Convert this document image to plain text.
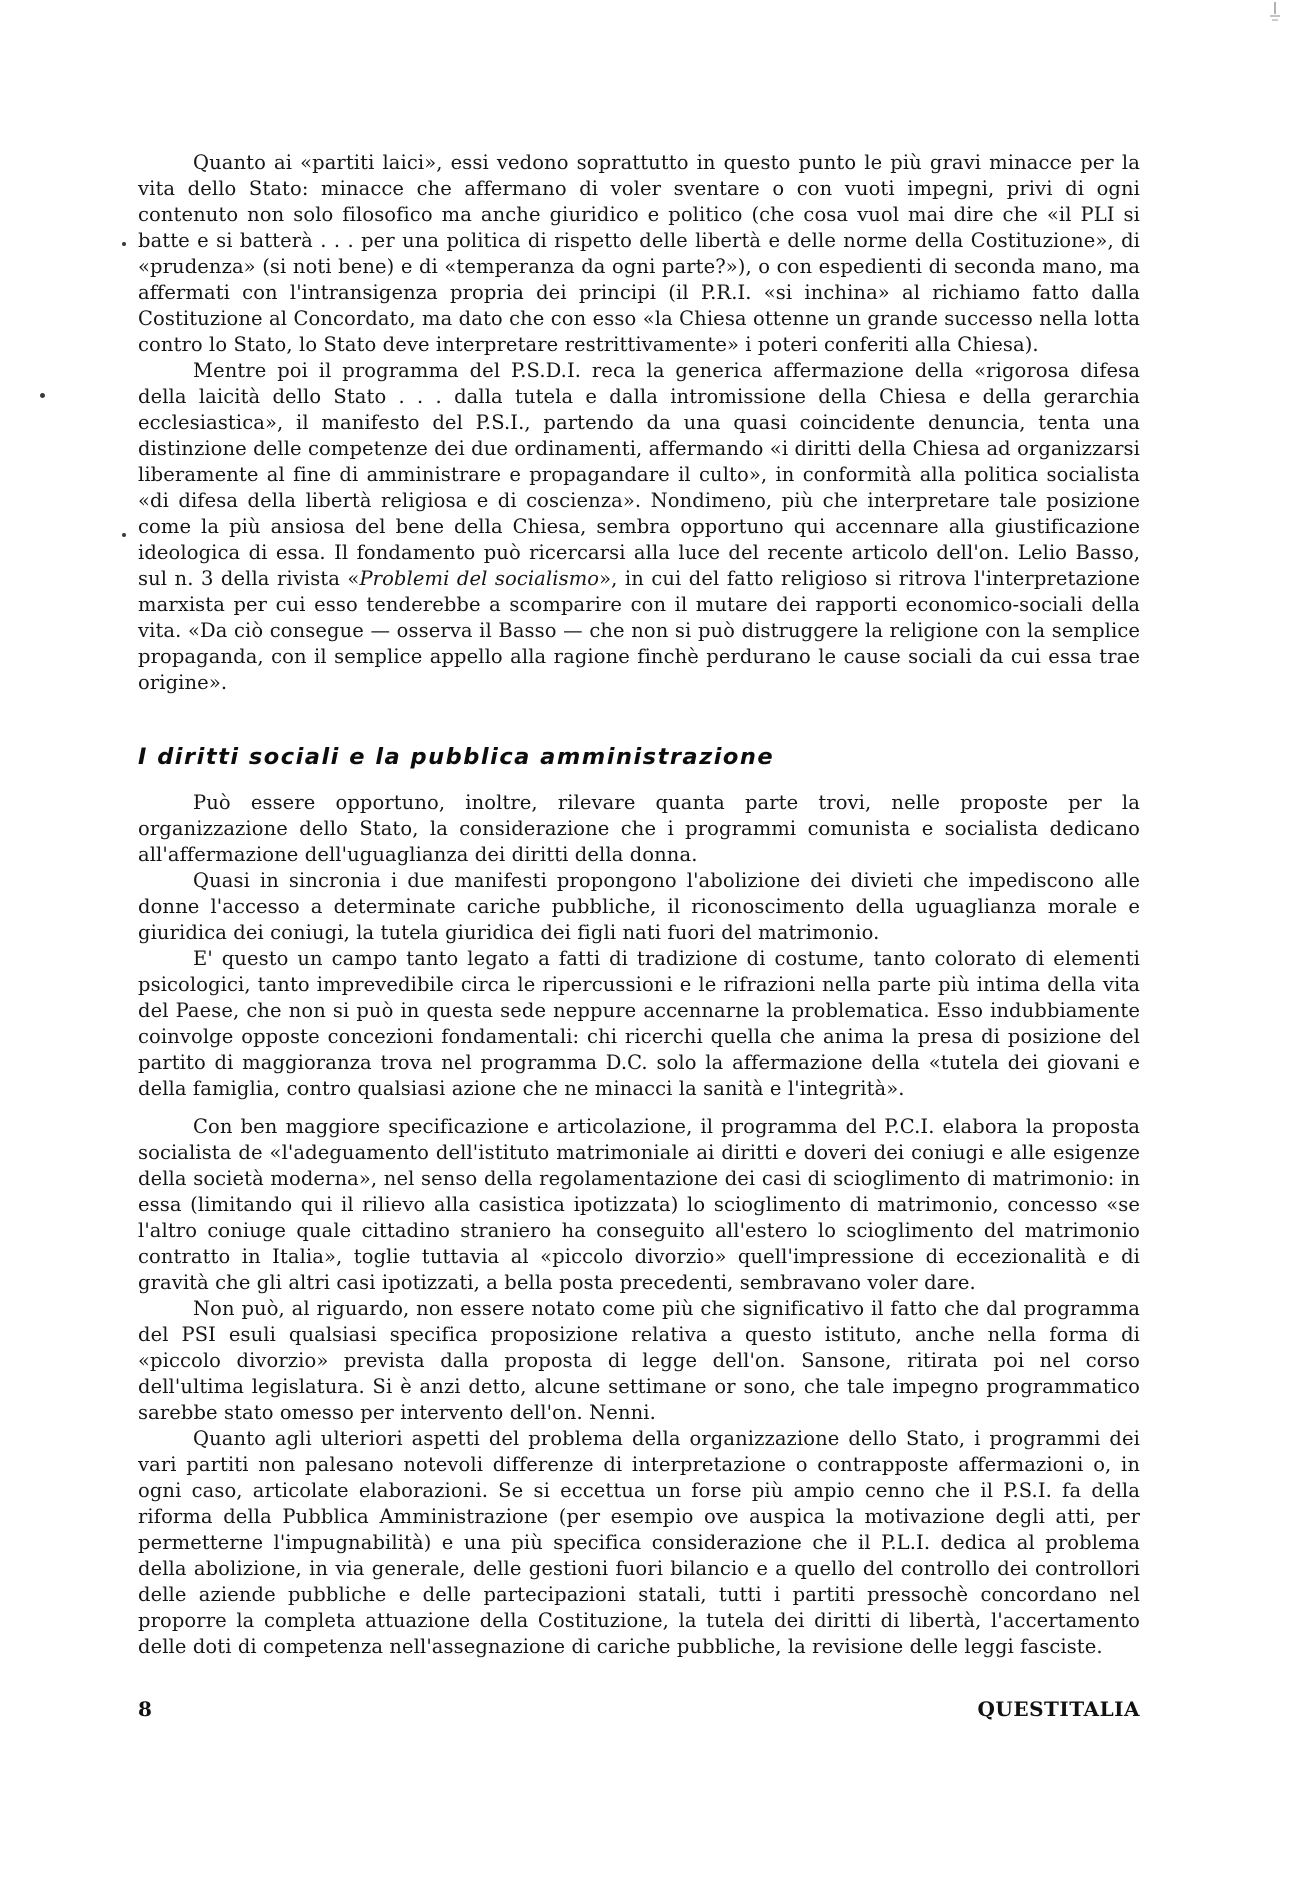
Quanto ai «partiti laici», essi vedono soprattutto in questo punto le più gravi minacce per la vita dello Stato: minacce che affermano di voler sventare o con vuoti impegni, privi di ogni contenuto non solo filosofico ma anche giuridico e politico (che cosa vuol mai dire che «il PLI si batte e si batterà . . . per una politica di rispetto delle libertà e delle norme della Costituzione», di «prudenza» (si noti bene) e di «temperanza da ogni parte?»), o con espedienti di seconda mano, ma affermati con l'intransigenza propria dei principi (il P.R.I. «si inchina» al richiamo fatto dalla Costituzione al Concordato, ma dato che con esso «la Chiesa ottenne un grande successo nella lotta contro lo Stato, lo Stato deve interpretare restrittivamente» i poteri conferiti alla Chiesa).

Mentre poi il programma del P.S.D.I. reca la generica affermazione della «rigorosa difesa della laicità dello Stato . . . dalla tutela e dalla intromissione della Chiesa e della gerarchia ecclesiastica», il manifesto del P.S.I., partendo da una quasi coincidente denuncia, tenta una distinzione delle competenze dei due ordinamenti, affermando «i diritti della Chiesa ad organizzarsi liberamente al fine di amministrare e propagandare il culto», in conformità alla politica socialista «di difesa della libertà religiosa e di coscienza». Nondimeno, più che interpretare tale posizione come la più ansiosa del bene della Chiesa, sembra opportuno qui accennare alla giustificazione ideologica di essa. Il fondamento può ricercarsi alla luce del recente articolo dell'on. Lelio Basso, sul n. 3 della rivista «Problemi del socialismo», in cui del fatto religioso si ritrova l'interpretazione marxista per cui esso tenderebbe a scomparire con il mutare dei rapporti economico-sociali della vita. «Da ciò consegue — osserva il Basso — che non si può distruggere la religione con la semplice propaganda, con il semplice appello alla ragione finchè perdurano le cause sociali da cui essa trae origine».

I diritti sociali e la pubblica amministrazione

Può essere opportuno, inoltre, rilevare quanta parte trovi, nelle proposte per la organizzazione dello Stato, la considerazione che i programmi comunista e socialista dedicano all'affermazione dell'uguaglianza dei diritti della donna.

Quasi in sincronia i due manifesti propongono l'abolizione dei divieti che impediscono alle donne l'accesso a determinate cariche pubbliche, il riconoscimento della uguaglianza morale e giuridica dei coniugi, la tutela giuridica dei figli nati fuori del matrimonio.

E' questo un campo tanto legato a fatti di tradizione di costume, tanto colorato di elementi psicologici, tanto imprevedibile circa le ripercussioni e le rifrazioni nella parte più intima della vita del Paese, che non si può in questa sede neppure accennarne la problematica. Esso indubbiamente coinvolge opposte concezioni fondamentali: chi ricerchi quella che anima la presa di posizione del partito di maggioranza trova nel programma D.C. solo la affermazione della «tutela dei giovani e della famiglia, contro qualsiasi azione che ne minacci la sanità e l'integrità».

Con ben maggiore specificazione e articolazione, il programma del P.C.I. elabora la proposta socialista de «l'adeguamento dell'istituto matrimoniale ai diritti e doveri dei coniugi e alle esigenze della società moderna», nel senso della regolamentazione dei casi di scioglimento di matrimonio: in essa (limitando qui il rilievo alla casistica ipotizzata) lo scioglimento di matrimonio, concesso «se l'altro coniuge quale cittadino straniero ha conseguito all'estero lo scioglimento del matrimonio contratto in Italia», toglie tuttavia al «piccolo divorzio» quell'impressione di eccezionalità e di gravità che gli altri casi ipotizzati, a bella posta precedenti, sembravano voler dare.

Non può, al riguardo, non essere notato come più che significativo il fatto che dal programma del PSI esuli qualsiasi specifica proposizione relativa a questo istituto, anche nella forma di «piccolo divorzio» prevista dalla proposta di legge dell'on. Sansone, ritirata poi nel corso dell'ultima legislatura. Si è anzi detto, alcune settimane or sono, che tale impegno programmatico sarebbe stato omesso per intervento dell'on. Nenni.

Quanto agli ulteriori aspetti del problema della organizzazione dello Stato, i programmi dei vari partiti non palesano notevoli differenze di interpretazione o contrapposte affermazioni o, in ogni caso, articolate elaborazioni. Se si eccettua un forse più ampio cenno che il P.S.I. fa della riforma della Pubblica Amministrazione (per esempio ove auspica la motivazione degli atti, per permetterne l'impugnabilità) e una più specifica considerazione che il P.L.I. dedica al problema della abolizione, in via generale, delle gestioni fuori bilancio e a quello del controllo dei controllori delle aziende pubbliche e delle partecipazioni statali, tutti i partiti pressochè concordano nel proporre la completa attuazione della Costituzione, la tutela dei diritti di libertà, l'accertamento delle doti di competenza nell'assegnazione di cariche pubbliche, la revisione delle leggi fasciste.

8	QUESTITALIA
